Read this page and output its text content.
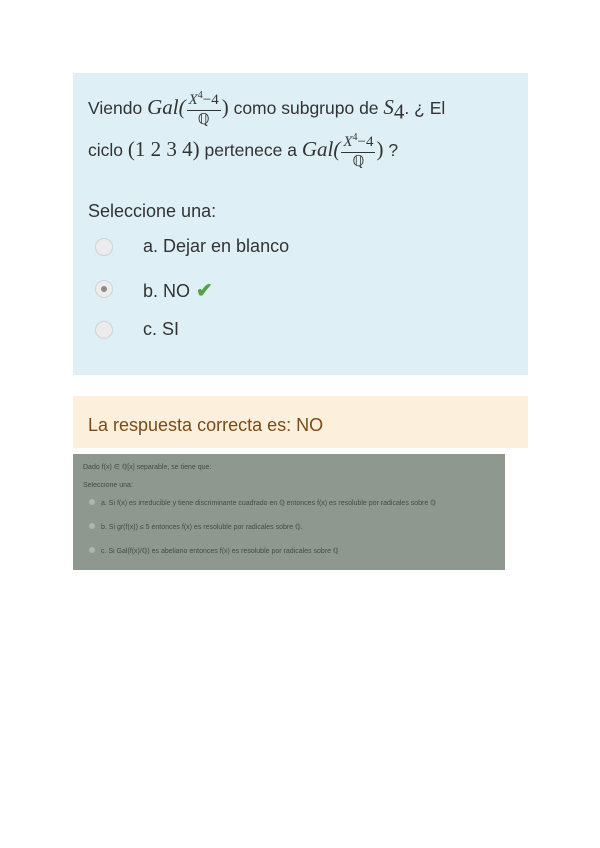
Viendo $Gal( \frac{X^4-4}{\text{ℚ}}$ ) como subgrupo de $S_4$. ¿ El
ciclo (1 2 3 4) pertenece a $Gal( \frac{X^4-4}{\text{ℚ}}$ ) ?
Seleccione una:
a. Dejar en blanco
b. NO ✔
c. SI
La respuesta correcta es: NO
Dado f(x) ∈ ℚ[x] separable, se tiene que:
Seleccione una:
a. Si f(x) es irreducible y tiene discriminante cuadrado en ℚ entonces f(x) es resoluble por radicales sobre ℚ
b. Si gr(f(x)) ≤ 5 entonces f(x) es resoluble por radicales sobre ℚ.
c. Si Gal(f(x)/ℚ) es abeliano entonces f(x) es resoluble por radicales sobre ℚ
